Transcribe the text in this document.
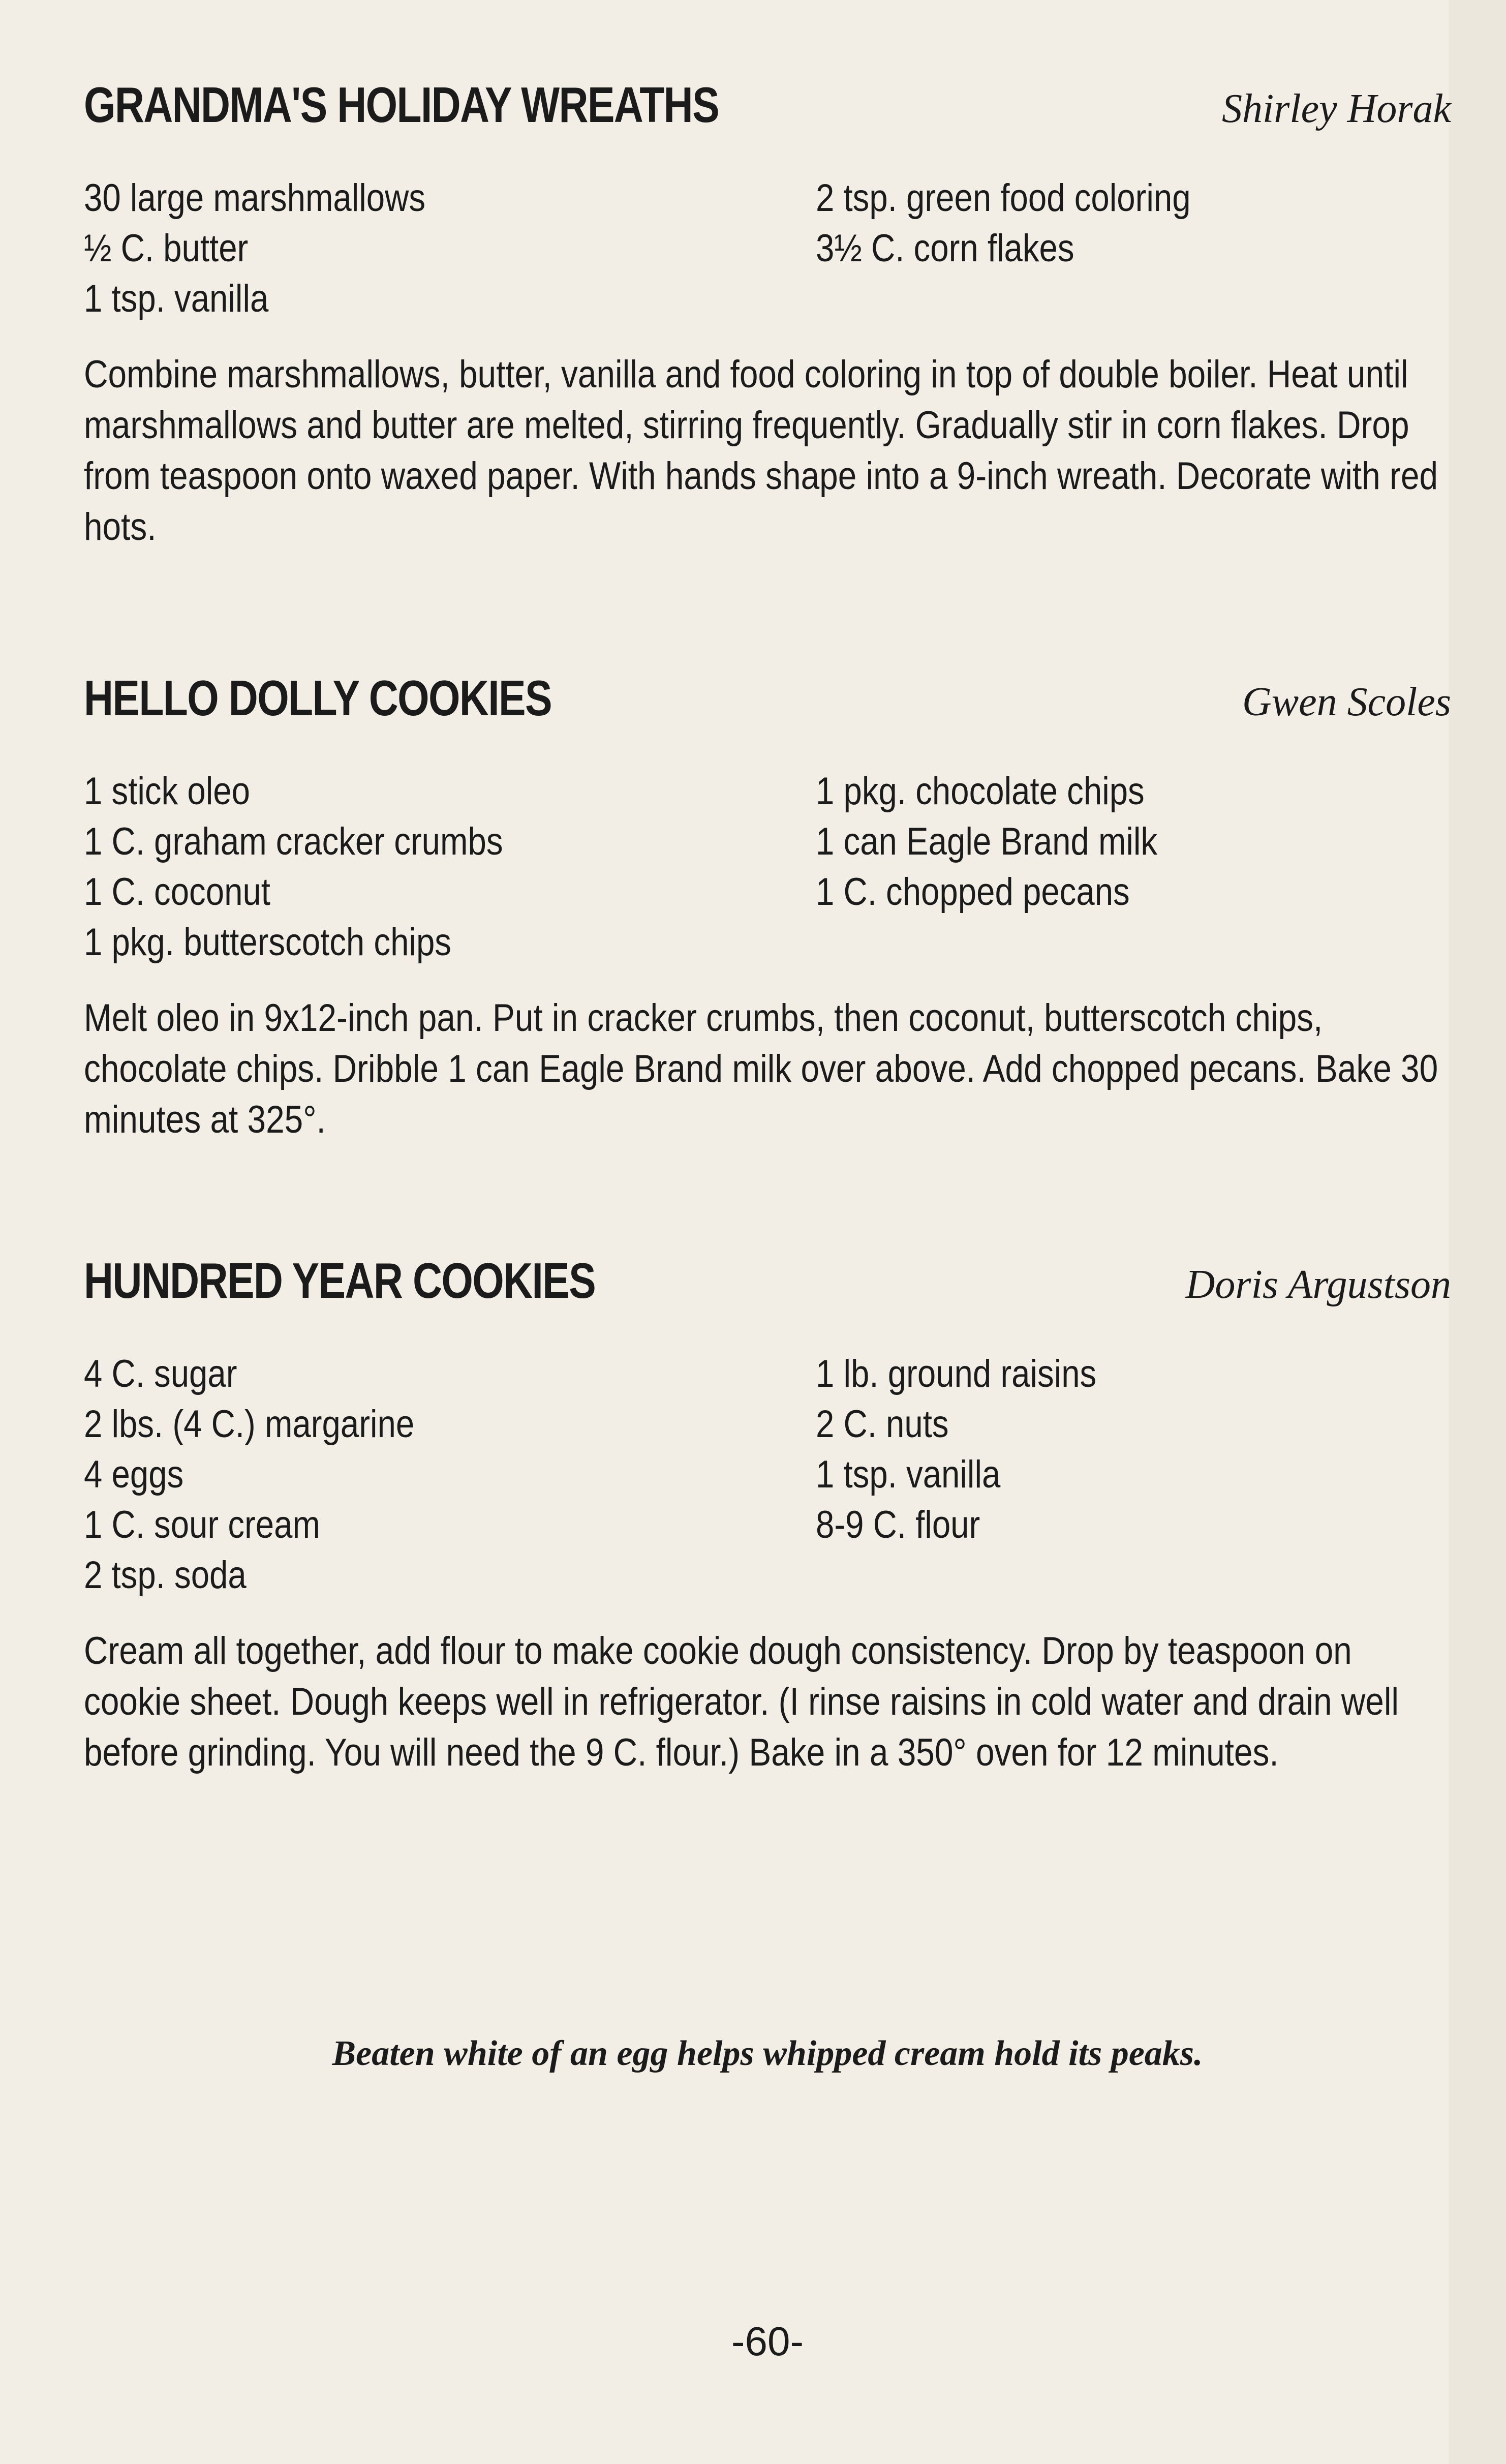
GRANDMA'S HOLIDAY WREATHS	Shirley Horak
30 large marshmallows
½ C. butter
1 tsp. vanilla
2 tsp. green food coloring
3½ C. corn flakes
Combine marshmallows, butter, vanilla and food coloring in top of double boiler. Heat until marshmallows and butter are melted, stirring frequently. Gradually stir in corn flakes. Drop from teaspoon onto waxed paper. With hands shape into a 9-inch wreath. Decorate with red hots.
HELLO DOLLY COOKIES	Gwen Scoles
1 stick oleo
1 C. graham cracker crumbs
1 C. coconut
1 pkg. butterscotch chips
1 pkg. chocolate chips
1 can Eagle Brand milk
1 C. chopped pecans
Melt oleo in 9x12-inch pan. Put in cracker crumbs, then coconut, butterscotch chips, chocolate chips. Dribble 1 can Eagle Brand milk over above. Add chopped pecans. Bake 30 minutes at 325°.
HUNDRED YEAR COOKIES	Doris Argustson
4 C. sugar
2 lbs. (4 C.) margarine
4 eggs
1 C. sour cream
2 tsp. soda
1 lb. ground raisins
2 C. nuts
1 tsp. vanilla
8-9 C. flour
Cream all together, add flour to make cookie dough consistency. Drop by teaspoon on cookie sheet. Dough keeps well in refrigerator. (I rinse raisins in cold water and drain well before grinding. You will need the 9 C. flour.) Bake in a 350° oven for 12 minutes.
Beaten white of an egg helps whipped cream hold its peaks.
-60-
